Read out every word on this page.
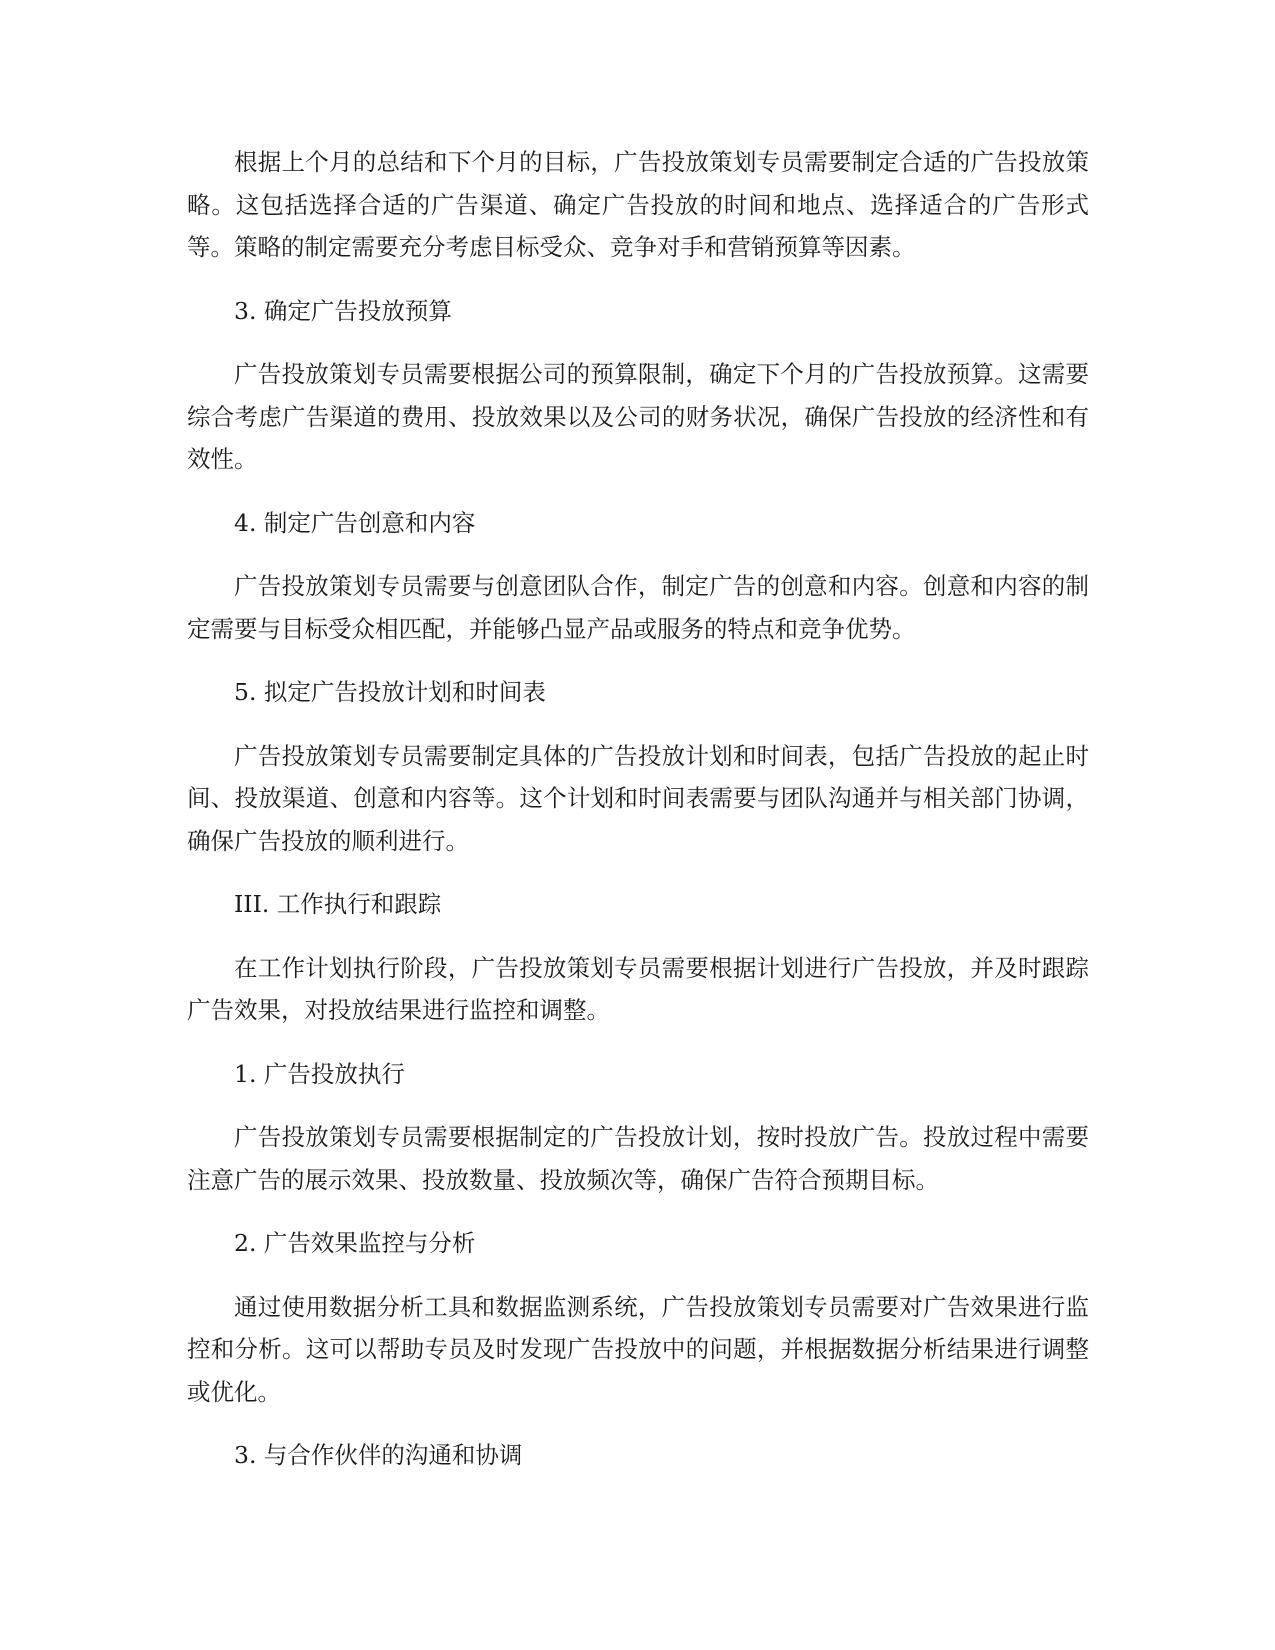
根据上个月的总结和下个月的目标，广告投放策划专员需要制定合适的广告投放策略。这包括选择合适的广告渠道、确定广告投放的时间和地点、选择适合的广告形式等。策略的制定需要充分考虑目标受众、竞争对手和营销预算等因素。

3. 确定广告投放预算

广告投放策划专员需要根据公司的预算限制，确定下个月的广告投放预算。这需要综合考虑广告渠道的费用、投放效果以及公司的财务状况，确保广告投放的经济性和有效性。

4. 制定广告创意和内容

广告投放策划专员需要与创意团队合作，制定广告的创意和内容。创意和内容的制定需要与目标受众相匹配，并能够凸显产品或服务的特点和竞争优势。

5. 拟定广告投放计划和时间表

广告投放策划专员需要制定具体的广告投放计划和时间表，包括广告投放的起止时间、投放渠道、创意和内容等。这个计划和时间表需要与团队沟通并与相关部门协调，确保广告投放的顺利进行。

III. 工作执行和跟踪

在工作计划执行阶段，广告投放策划专员需要根据计划进行广告投放，并及时跟踪广告效果，对投放结果进行监控和调整。

1. 广告投放执行

广告投放策划专员需要根据制定的广告投放计划，按时投放广告。投放过程中需要注意广告的展示效果、投放数量、投放频次等，确保广告符合预期目标。

2. 广告效果监控与分析

通过使用数据分析工具和数据监测系统，广告投放策划专员需要对广告效果进行监控和分析。这可以帮助专员及时发现广告投放中的问题，并根据数据分析结果进行调整或优化。

3. 与合作伙伴的沟通和协调
